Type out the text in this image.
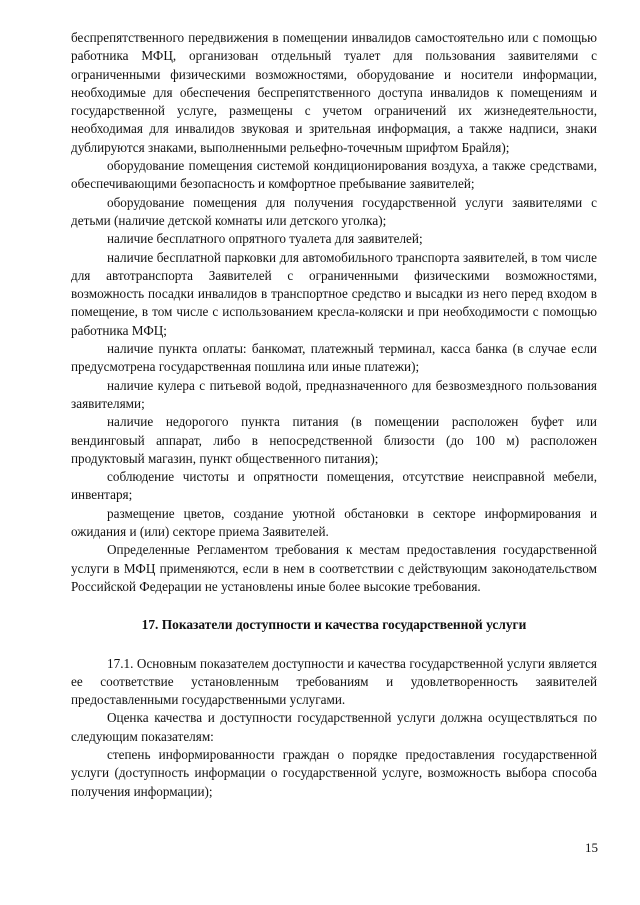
беспрепятственного передвижения в помещении инвалидов самостоятельно или с помощью работника МФЦ, организован отдельный туалет для пользования заявителями с ограниченными физическими возможностями, оборудование и носители информации, необходимые для обеспечения беспрепятственного доступа инвалидов к помещениям и государственной услуге, размещены с учетом ограничений их жизнедеятельности, необходимая для инвалидов звуковая и зрительная информация, а также надписи, знаки дублируются знаками, выполненными рельефно-точечным шрифтом Брайля);

оборудование помещения системой кондиционирования воздуха, а также средствами, обеспечивающими безопасность и комфортное пребывание заявителей;

оборудование помещения для получения государственной услуги заявителями с детьми (наличие детской комнаты или детского уголка);

наличие бесплатного опрятного туалета для заявителей;

наличие бесплатной парковки для автомобильного транспорта заявителей, в том числе для автотранспорта Заявителей с ограниченными физическими возможностями, возможность посадки инвалидов в транспортное средство и высадки из него перед входом в помещение, в том числе с использованием кресла-коляски и при необходимости с помощью работника МФЦ;

наличие пункта оплаты: банкомат, платежный терминал, касса банка (в случае если предусмотрена государственная пошлина или иные платежи);

наличие кулера с питьевой водой, предназначенного для безвозмездного пользования заявителями;

наличие недорогого пункта питания (в помещении расположен буфет или вендинговый аппарат, либо в непосредственной близости (до 100 м) расположен продуктовый магазин, пункт общественного питания);

соблюдение чистоты и опрятности помещения, отсутствие неисправной мебели, инвентаря;

размещение цветов, создание уютной обстановки в секторе информирования и ожидания и (или) секторе приема Заявителей.

Определенные Регламентом требования к местам предоставления государственной услуги в МФЦ применяются, если в нем в соответствии с действующим законодательством Российской Федерации не установлены иные более высокие требования.

17. Показатели доступности и качества государственной услуги

17.1. Основным показателем доступности и качества государственной услуги является ее соответствие установленным требованиям и удовлетворенность заявителей предоставленными государственными услугами.

Оценка качества и доступности государственной услуги должна осуществляться по следующим показателям:

степень информированности граждан о порядке предоставления государственной услуги (доступность информации о государственной услуге, возможность выбора способа получения информации);

15
